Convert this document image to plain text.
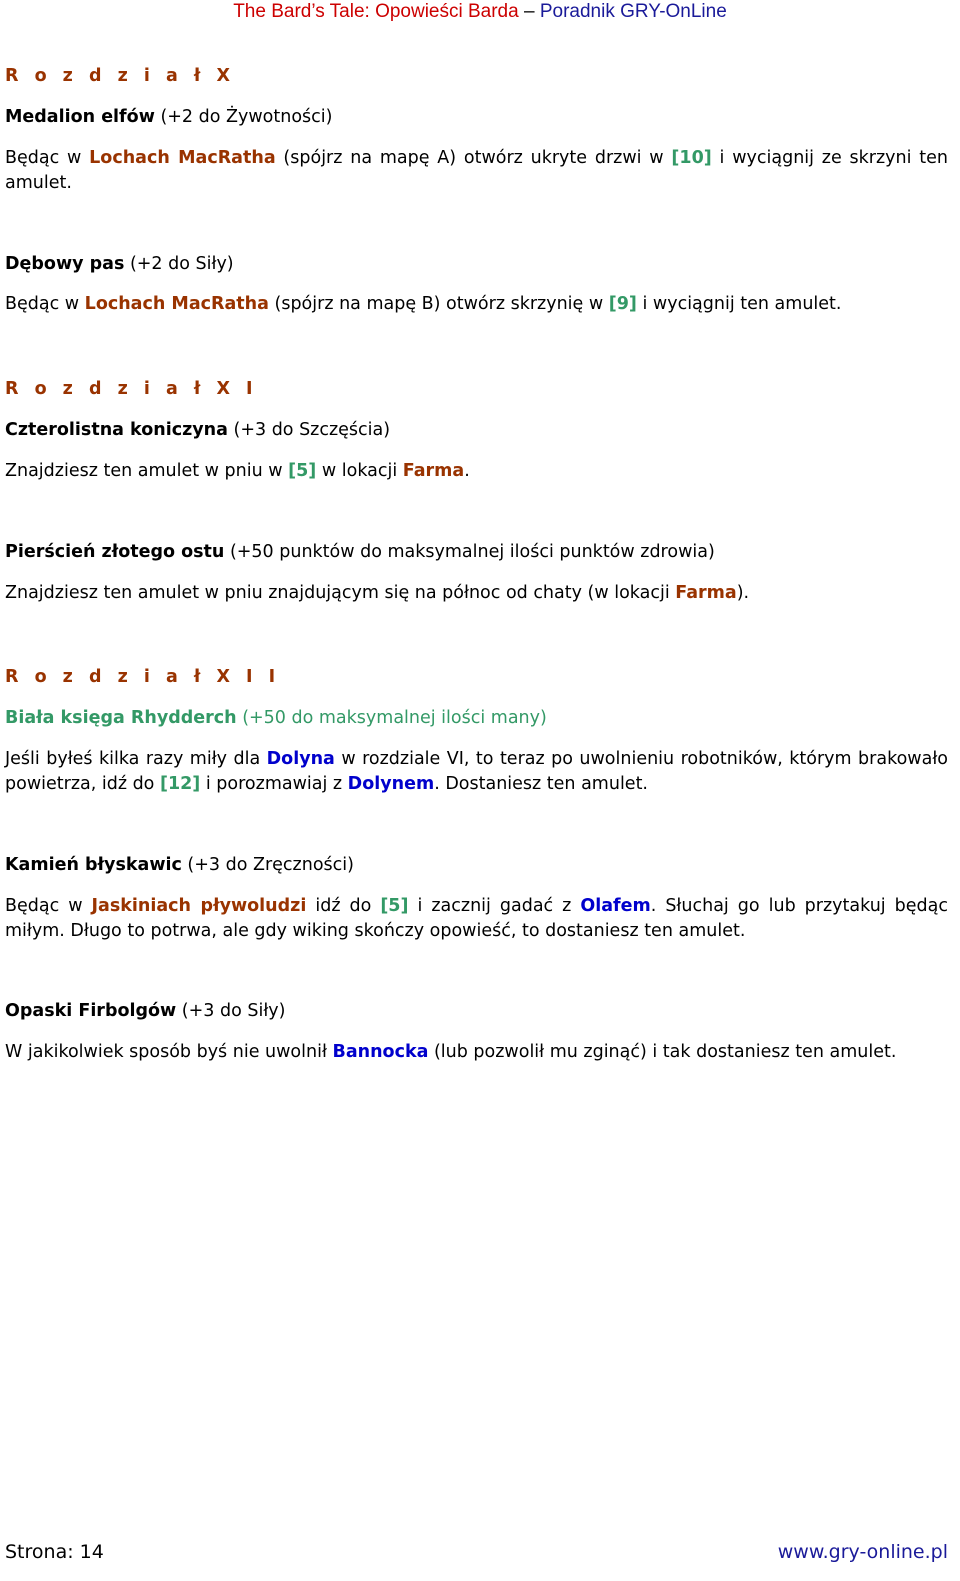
The Bard’s Tale: Opowieści Barda – Poradnik GRY-OnLine
R o z d z i a ł X
Medalion elfów (+2 do Żywotności)

Będąc w Lochach MacRatha (spójrz na mapę A) otwórz ukryte drzwi w [10] i wyciągnij ze skrzyni ten amulet.

Dębowy pas (+2 do Siły)

Będąc w Lochach MacRatha (spójrz na mapę B) otwórz skrzynię w [9] i wyciągnij ten amulet.

R o z d z i a ł X I
Czterolistna koniczyna (+3 do Szczęścia)

Znajdziesz ten amulet w pniu w [5] w lokacji Farma.

Pierścień złotego ostu (+50 punktów do maksymalnej ilości punktów zdrowia)

Znajdziesz ten amulet w pniu znajdującym się na północ od chaty (w lokacji Farma).

R o z d z i a ł X I I
Biała księga Rhydderch (+50 do maksymalnej ilości many)

Jeśli byłeś kilka razy miły dla Dolyna w rozdziale VI, to teraz po uwolnieniu robotników, którym brakowało powietrza, idź do [12] i porozmawiaj z Dolynem. Dostaniesz ten amulet.

Kamień błyskawic (+3 do Zręczności)

Będąc w Jaskiniach pływoludzi idź do [5] i zacznij gadać z Olafem. Słuchaj go lub przytakuj będąc miłym. Długo to potrwa, ale gdy wiking skończy opowieść, to dostaniesz ten amulet.

Opaski Firbolgów (+3 do Siły)

W jakikolwiek sposób byś nie uwolnił Bannocka (lub pozwolił mu zginąć) i tak dostaniesz ten amulet.

Strona: 14	www.gry-online.pl
